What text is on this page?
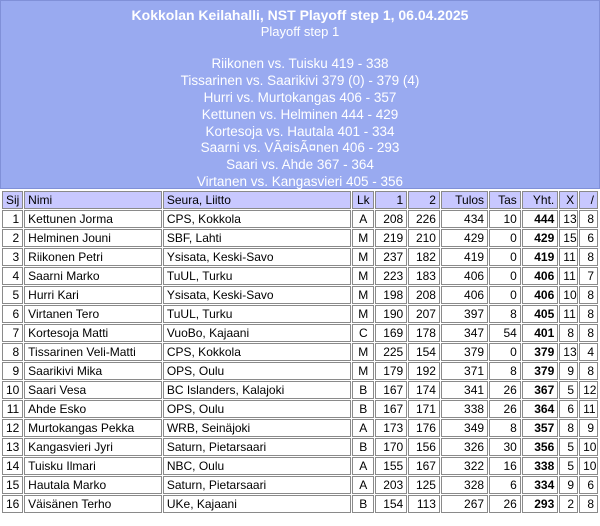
Kokkolan Keilahalli, NST Playoff step 1, 06.04.2025
Playoff step 1
Riikonen vs. Tuisku 419 - 338
Tissarinen vs. Saarikivi 379 (0) - 379 (4)
Hurri vs. Murtokangas 406 - 357
Kettunen vs. Helminen 444 - 429
Kortesoja vs. Hautala 401 - 334
Saarni vs. VÃ¤isÃ¤nen 406 - 293
Saari vs. Ahde 367 - 364
Virtanen vs. Kangasvieri 405 - 356
Sij	Nimi	Seura, Liitto	Lk	1	2	Tulos	Tas	Yht.	X	/
1	Kettunen Jorma	CPS, Kokkola	A	208	226	434	10	444	13	8
2	Helminen Jouni	SBF, Lahti	M	219	210	429	0	429	15	6
3	Riikonen Petri	Ysisata, Keski-Savo	M	237	182	419	0	419	11	8
4	Saarni Marko	TuUL, Turku	M	223	183	406	0	406	11	7
5	Hurri Kari	Ysisata, Keski-Savo	M	198	208	406	0	406	10	8
6	Virtanen Tero	TuUL, Turku	M	190	207	397	8	405	11	8
7	Kortesoja Matti	VuoBo, Kajaani	C	169	178	347	54	401	8	8
8	Tissarinen Veli-Matti	CPS, Kokkola	M	225	154	379	0	379	13	4
9	Saarikivi Mika	OPS, Oulu	M	179	192	371	8	379	9	8
10	Saari Vesa	BC Islanders, Kalajoki	B	167	174	341	26	367	5	12
11	Ahde Esko	OPS, Oulu	B	167	171	338	26	364	6	11
12	Murtokangas Pekka	WRB, Seinäjoki	A	173	176	349	8	357	8	9
13	Kangasvieri Jyri	Saturn, Pietarsaari	B	170	156	326	30	356	5	10
14	Tuisku Ilmari	NBC, Oulu	A	155	167	322	16	338	5	10
15	Hautala Marko	Saturn, Pietarsaari	A	203	125	328	6	334	9	6
16	Väisänen Terho	UKe, Kajaani	B	154	113	267	26	293	2	8
